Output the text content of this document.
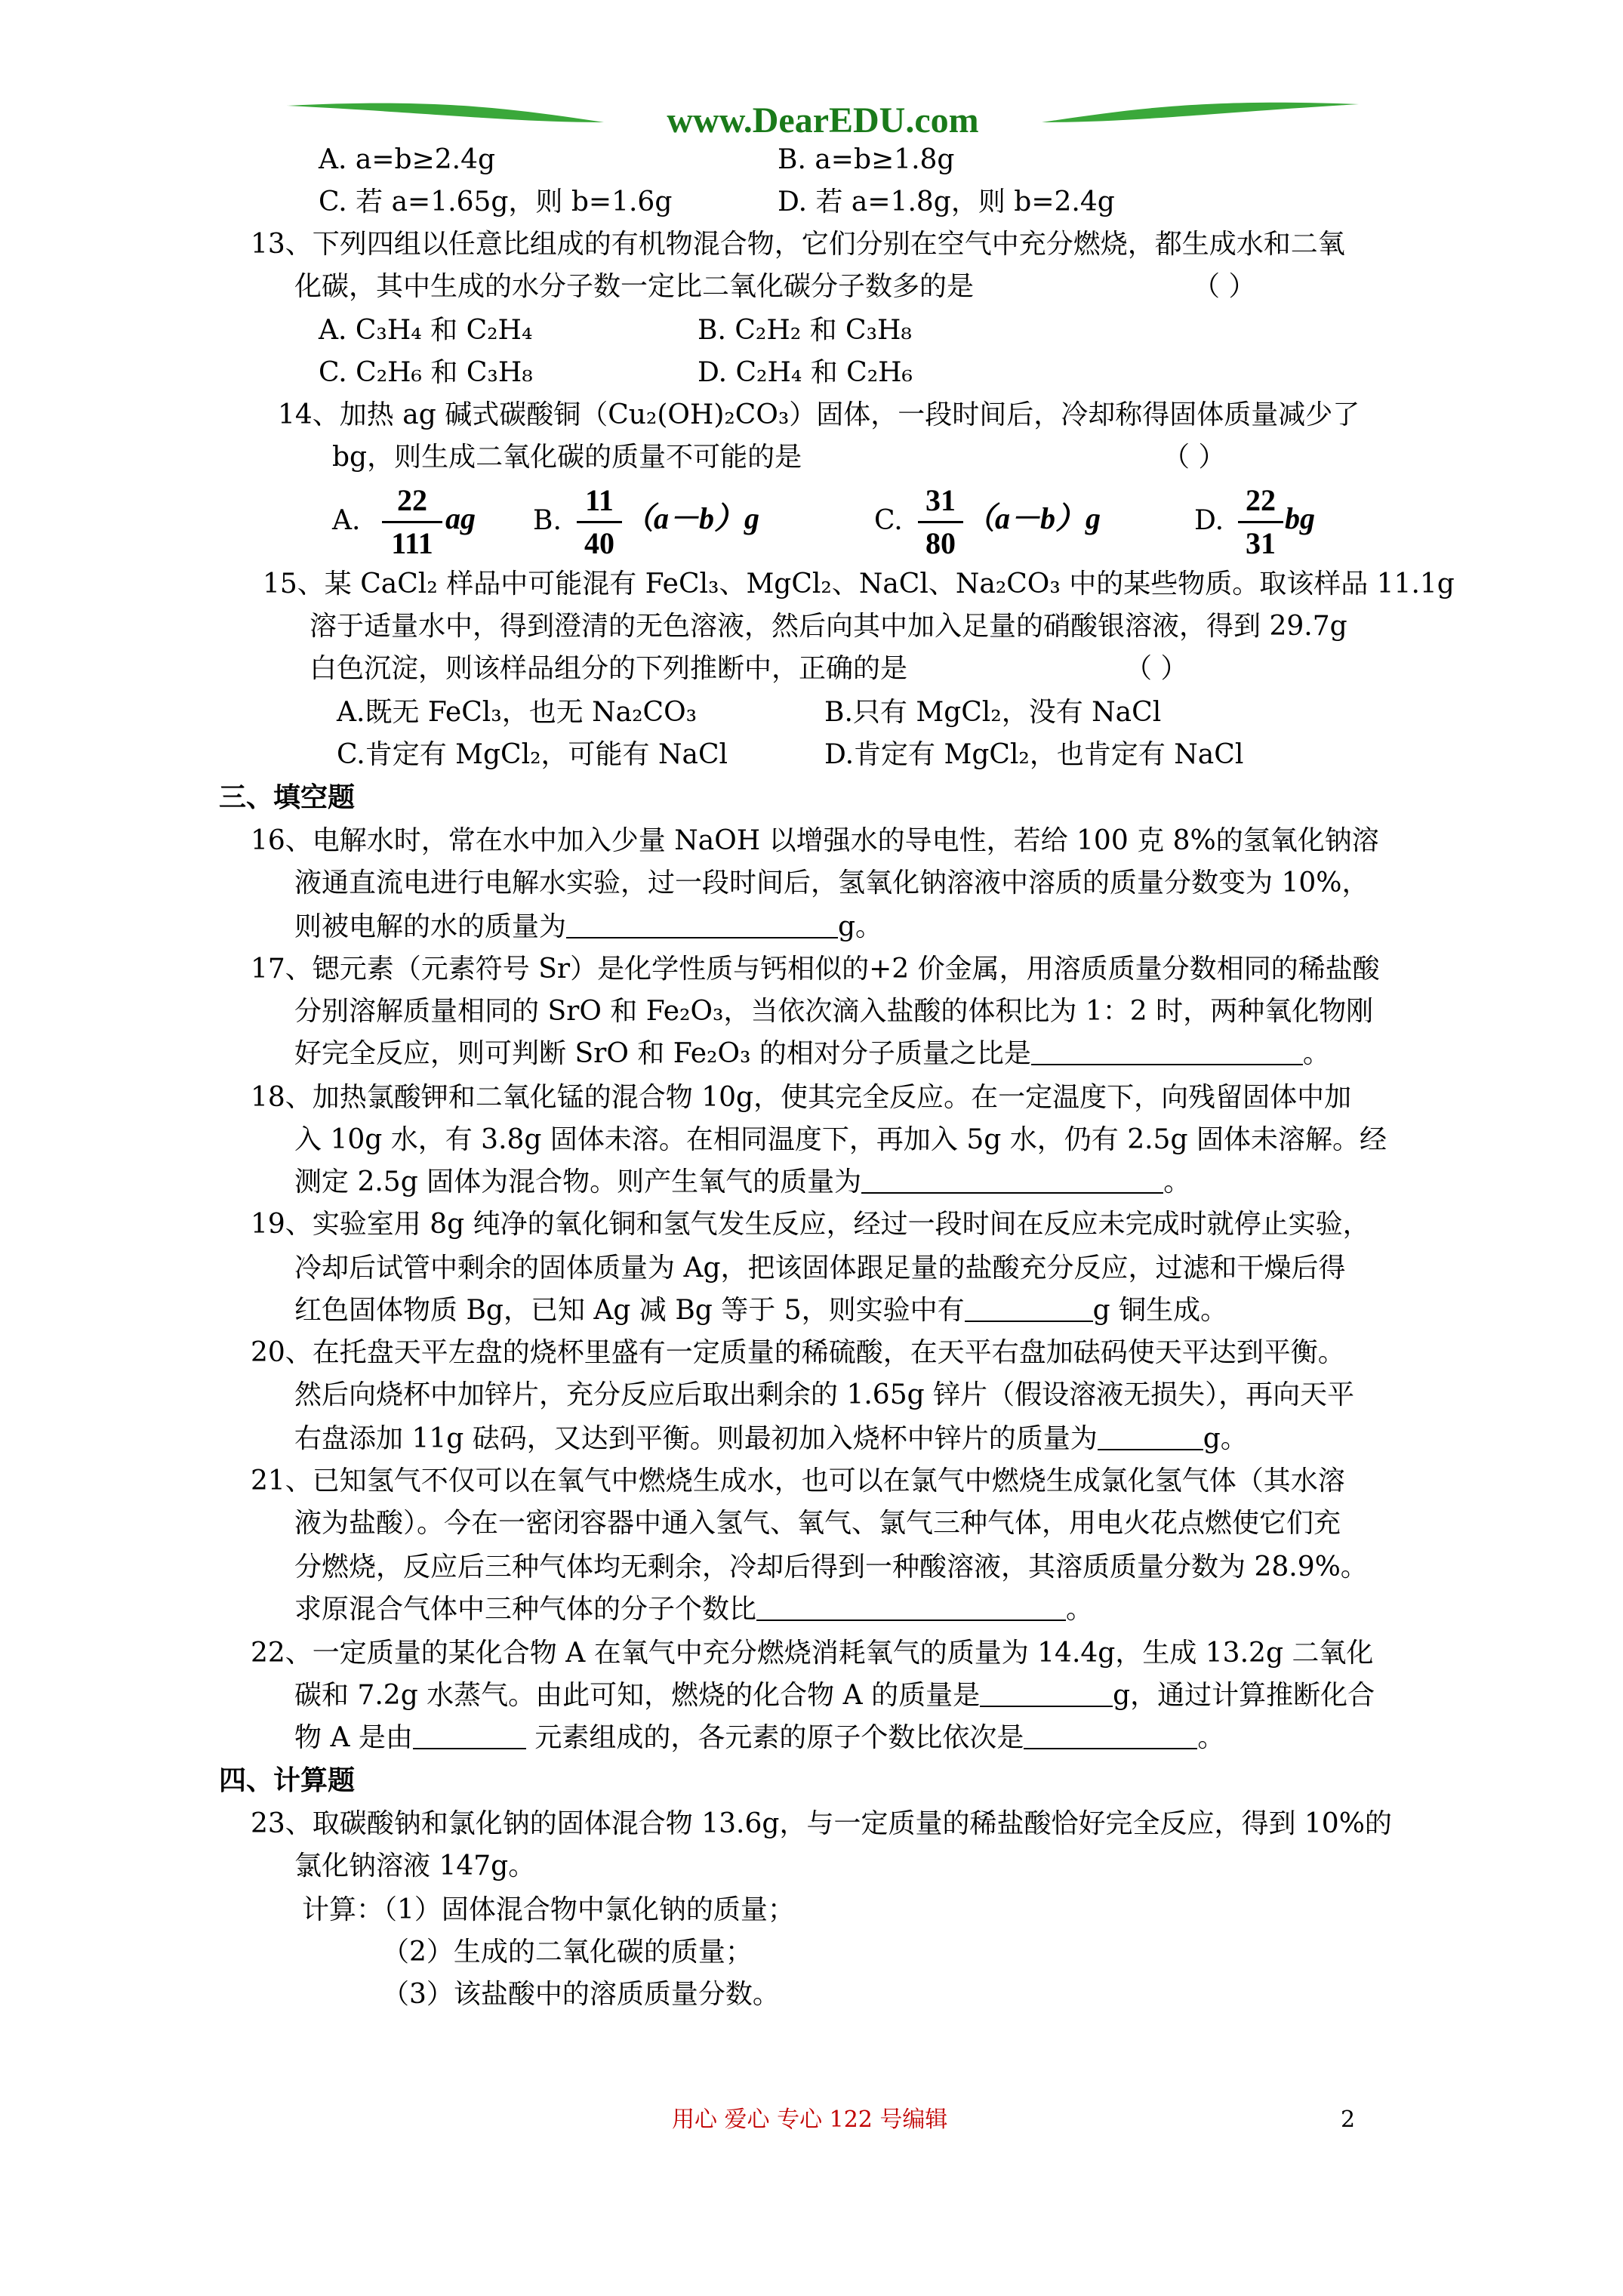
www.DearEDU.com
A. a=b≥2.4g	B. a=b≥1.8g
C. 若 a=1.65g，则 b=1.6g	D. 若 a=1.8g，则 b=2.4g
13、下列四组以任意比组成的有机物混合物，它们分别在空气中充分燃烧，都生成水和二氧
化碳，其中生成的水分子数一定比二氧化碳分子数多的是	（ ）
A. C₃H₄ 和 C₂H₄	B. C₂H₂ 和 C₃H₈
C. C₂H₆ 和 C₃H₈	D. C₂H₄ 和 C₂H₆
14、加热 ag 碱式碳酸铜（Cu₂(OH)₂CO₃）固体，一段时间后，冷却称得固体质量减少了
bg，则生成二氧化碳的质量不可能的是	（ ）
A.
22
111
ag B.
11
40
（a－b）g	C.
31
80
（a－b）g	D.
22
31
bg
15、某 CaCl₂ 样品中可能混有 FeCl₃、MgCl₂、NaCl、Na₂CO₃ 中的某些物质。取该样品 11.1g
溶于适量水中，得到澄清的无色溶液，然后向其中加入足量的硝酸银溶液，得到 29.7g
白色沉淀，则该样品组分的下列推断中，正确的是	（ ）
A.既无 FeCl₃，也无 Na₂CO₃	B.只有 MgCl₂，没有 NaCl
C.肯定有 MgCl₂，可能有 NaCl	D.肯定有 MgCl₂，也肯定有 NaCl
三、填空题
16、电解水时，常在水中加入少量 NaOH 以增强水的导电性，若给 100 克 8%的氢氧化钠溶
液通直流电进行电解水实验，过一段时间后，氢氧化钠溶液中溶质的质量分数变为 10%，
则被电解的水的质量为	g。
17、锶元素（元素符号 Sr）是化学性质与钙相似的+2 价金属，用溶质质量分数相同的稀盐酸
分别溶解质量相同的 SrO 和 Fe₂O₃，当依次滴入盐酸的体积比为 1：2 时，两种氧化物刚
好完全反应，则可判断 SrO 和 Fe₂O₃ 的相对分子质量之比是	。
18、加热氯酸钾和二氧化锰的混合物 10g，使其完全反应。在一定温度下，向残留固体中加
入 10g 水，有 3.8g 固体未溶。在相同温度下，再加入 5g 水，仍有 2.5g 固体未溶解。经
测定 2.5g 固体为混合物。则产生氧气的质量为	。
19、实验室用 8g 纯净的氧化铜和氢气发生反应，经过一段时间在反应未完成时就停止实验，
冷却后试管中剩余的固体质量为 Ag，把该固体跟足量的盐酸充分反应，过滤和干燥后得
红色固体物质 Bg，已知 Ag 减 Bg 等于 5，则实验中有	g 铜生成。
20、在托盘天平左盘的烧杯里盛有一定质量的稀硫酸，在天平右盘加砝码使天平达到平衡。
然后向烧杯中加锌片，充分反应后取出剩余的 1.65g 锌片（假设溶液无损失），再向天平
右盘添加 11g 砝码，又达到平衡。则最初加入烧杯中锌片的质量为	g。
21、已知氢气不仅可以在氧气中燃烧生成水，也可以在氯气中燃烧生成氯化氢气体（其水溶
液为盐酸）。今在一密闭容器中通入氢气、氧气、氯气三种气体，用电火花点燃使它们充
分燃烧，反应后三种气体均无剩余，冷却后得到一种酸溶液，其溶质质量分数为 28.9%。
求原混合气体中三种气体的分子个数比	。
22、一定质量的某化合物 A 在氧气中充分燃烧消耗氧气的质量为 14.4g，生成 13.2g 二氧化
碳和 7.2g 水蒸气。由此可知，燃烧的化合物 A 的质量是	g，通过计算推断化合
物 A 是由	元素组成的，各元素的原子个数比依次是	。
四、计算题
23、取碳酸钠和氯化钠的固体混合物 13.6g，与一定质量的稀盐酸恰好完全反应，得到 10%的
氯化钠溶液 147g。
计算：（1）固体混合物中氯化钠的质量；
（2）生成的二氧化碳的质量；
（3）该盐酸中的溶质质量分数。
用心 爱心 专心 122 号编辑	2
